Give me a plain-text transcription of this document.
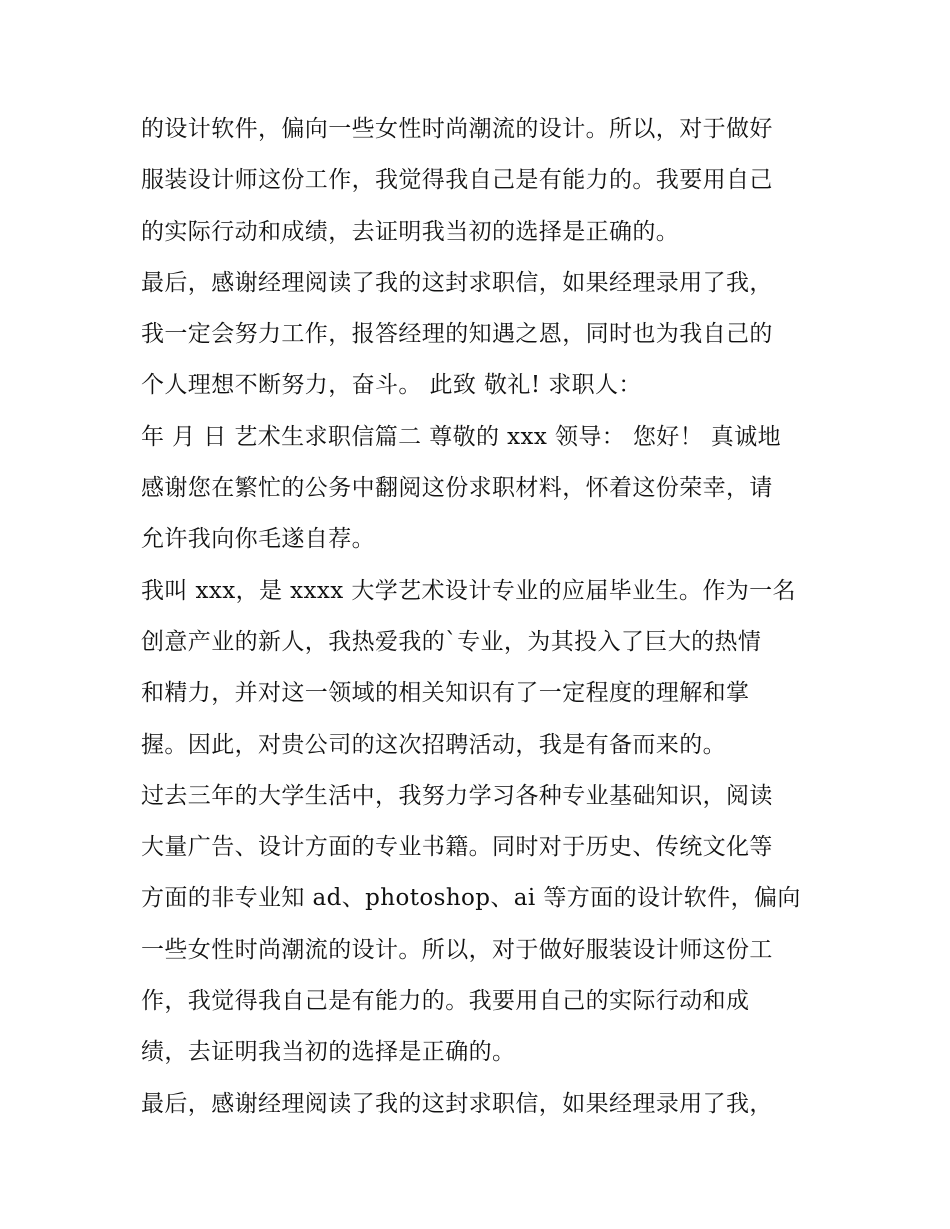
的设计软件，偏向一些女性时尚潮流的设计。所以，对于做好
服装设计师这份工作，我觉得我自己是有能力的。我要用自己
的实际行动和成绩，去证明我当初的选择是正确的。
最后，感谢经理阅读了我的这封求职信，如果经理录用了我，
我一定会努力工作，报答经理的知遇之恩，同时也为我自己的
个人理想不断努力，奋斗。 此致 敬礼! 求职人：
年 月 日 艺术生求职信篇二 尊敬的 xxx 领导： 您好！ 真诚地
感谢您在繁忙的公务中翻阅这份求职材料，怀着这份荣幸，请
允许我向你毛遂自荐。
我叫 xxx，是 xxxx 大学艺术设计专业的应届毕业生。作为一名
创意产业的新人，我热爱我的`专业，为其投入了巨大的热情
和精力，并对这一领域的相关知识有了一定程度的理解和掌
握。因此，对贵公司的这次招聘活动，我是有备而来的。
过去三年的大学生活中，我努力学习各种专业基础知识，阅读
大量广告、设计方面的专业书籍。同时对于历史、传统文化等
方面的非专业知 ad、photoshop、ai 等方面的设计软件，偏向
一些女性时尚潮流的设计。所以，对于做好服装设计师这份工
作，我觉得我自己是有能力的。我要用自己的实际行动和成
绩，去证明我当初的选择是正确的。
最后，感谢经理阅读了我的这封求职信，如果经理录用了我，
